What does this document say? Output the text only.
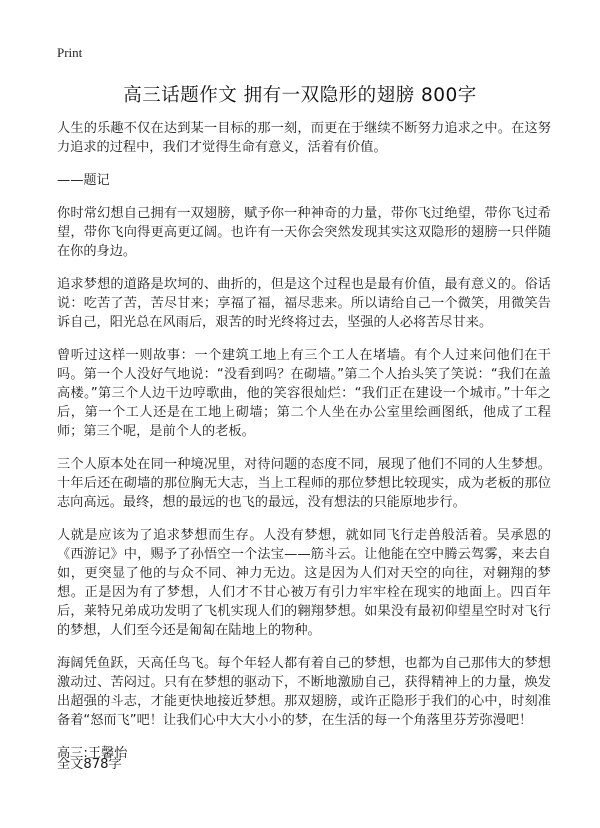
Print
高三话题作文 拥有一双隐形的翅膀 800字

人生的乐趣不仅在达到某一目标的那一刻，而更在于继续不断努力追求之中。在这努力追求的过程中，我们才觉得生命有意义，活着有价值。

——题记

你时常幻想自己拥有一双翅膀，赋予你一种神奇的力量，带你飞过绝望，带你飞过希望，带你飞向得更高更辽阔。也许有一天你会突然发现其实这双隐形的翅膀一只伴随在你的身边。

追求梦想的道路是坎坷的、曲折的，但是这个过程也是最有价值，最有意义的。俗话说：吃苦了苦，苦尽甘来；享福了福，福尽悲来。所以请给自己一个微笑，用微笑告诉自己，阳光总在风雨后，艰苦的时光终将过去，坚强的人必将苦尽甘来。

曾听过这样一则故事：一个建筑工地上有三个工人在堵墙。有个人过来问他们在干吗。第一个人没好气地说：“没看到吗？在砌墙。”第二个人抬头笑了笑说：“我们在盖高楼。”第三个人边干边哼歌曲，他的笑容很灿烂：“我们正在建设一个城市。”十年之后，第一个工人还是在工地上砌墙；第二个人坐在办公室里绘画图纸，他成了工程师；第三个呢，是前个人的老板。

三个人原本处在同一种境况里，对待问题的态度不同，展现了他们不同的人生梦想。十年后还在砌墙的那位胸无大志，当上工程师的那位梦想比较现实，成为老板的那位志向高远。最终，想的最远的也飞的最远，没有想法的只能原地步行。

人就是应该为了追求梦想而生存。人没有梦想，就如同飞行走兽般活着。吴承恩的《西游记》中，赐予了孙悟空一个法宝——筋斗云。让他能在空中腾云驾雾，来去自如，更突显了他的与众不同、神力无边。这是因为人们对天空的向往，对翱翔的梦想。正是因为有了梦想，人们才不甘心被万有引力牢牢栓在现实的地面上。四百年后，莱特兄弟成功发明了飞机实现人们的翱翔梦想。如果没有最初仰望星空时对飞行的梦想，人们至今还是匍匐在陆地上的物种。

海阔凭鱼跃，天高任鸟飞。每个年轻人都有着自己的梦想，也都为自己那伟大的梦想激动过、苦闷过。只有在梦想的驱动下，不断地激励自己，获得精神上的力量，焕发出超强的斗志，才能更快地接近梦想。那双翅膀，或许正隐形于我们的心中，时刻准备着“怒而飞”吧！让我们心中大大小小的梦，在生活的每一个角落里芬芳弥漫吧！

高三:王馨怡

全文878字
